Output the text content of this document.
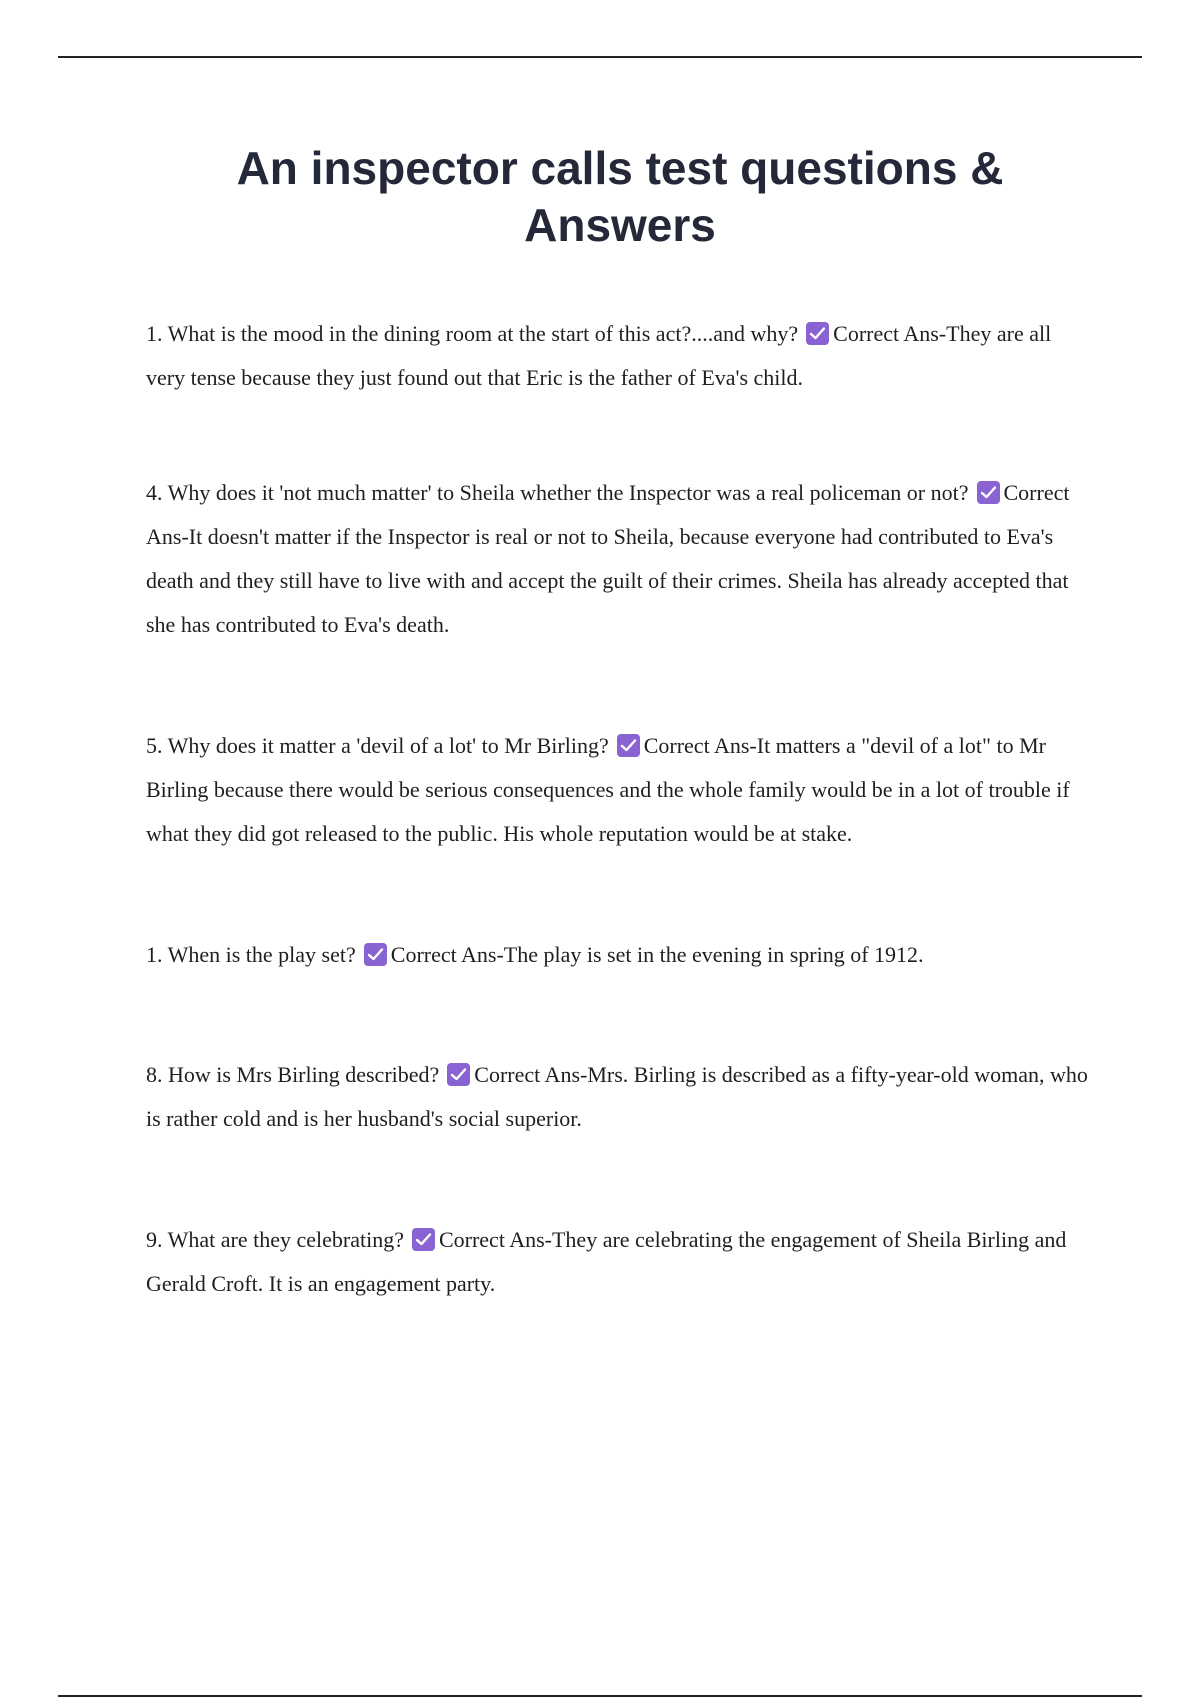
An inspector calls test questions & Answers

1. What is the mood in the dining room at the start of this act?....and why? Correct Ans-They are all very tense because they just found out that Eric is the father of Eva's child.

4. Why does it 'not much matter' to Sheila whether the Inspector was a real policeman or not? Correct Ans-It doesn't matter if the Inspector is real or not to Sheila, because everyone had contributed to Eva's death and they still have to live with and accept the guilt of their crimes. Sheila has already accepted that she has contributed to Eva's death.

5. Why does it matter a 'devil of a lot' to Mr Birling? Correct Ans-It matters a "devil of a lot" to Mr Birling because there would be serious consequences and the whole family would be in a lot of trouble if what they did got released to the public. His whole reputation would be at stake.

1. When is the play set? Correct Ans-The play is set in the evening in spring of 1912.

8. How is Mrs Birling described? Correct Ans-Mrs. Birling is described as a fifty-year-old woman, who is rather cold and is her husband's social superior.

9. What are they celebrating? Correct Ans-They are celebrating the engagement of Sheila Birling and Gerald Croft. It is an engagement party.
